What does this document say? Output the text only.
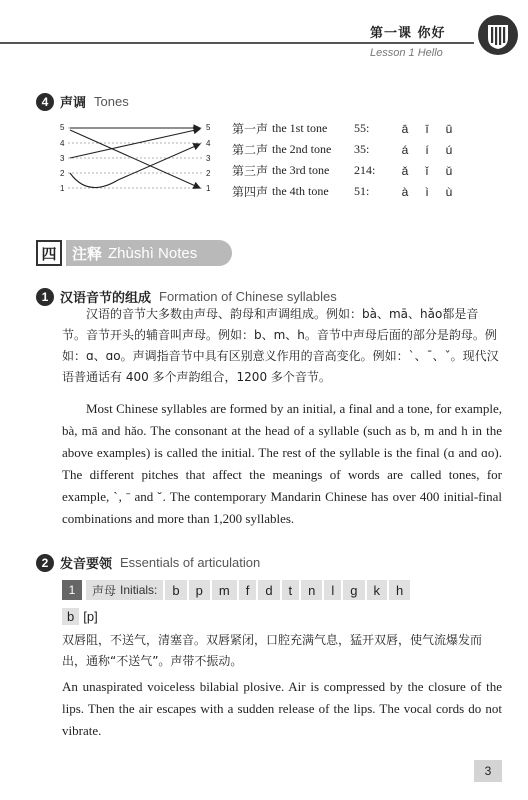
第一课 你好
Lesson 1 Hello
4 声调 Tones
5
4
3
2
1
5
4
3
2
1
第一声 the 1st tone	55:	ā	ī	ū
第二声 the 2nd tone	35:	á	í	ú
第三声 the 3rd tone	214:	ǎ	ǐ	ǔ
第四声 the 4th tone	51:	à	ì	ù
四	注释 Zhùshì Notes
1 汉语音节的组成 Formation of Chinese syllables

汉语的音节大多数由声母、韵母和声调组成。例如：bà、mā、hǎo都是音节。音节开头的辅音叫声母。例如：b、m、h。音节中声母后面的部分是韵母。例如：ɑ、ɑo。声调指音节中具有区别意义作用的音高变化。例如：ˋ、ˉ、ˇ。现代汉语普通话有 400 多个声韵组合，1200 多个音节。

Most Chinese syllables are formed by an initial, a final and a tone, for example, bà, mā and hǎo. The consonant at the head of a syllable (such as b, m and h in the above examples) is called the initial. The rest of the syllable is the final (ɑ and ɑo). The different pitches that affect the meanings of words are called tones, for example, ˋ, ˉ and ˇ. The contemporary Mandarin Chinese has over 400 initial-final combinations and more than 1,200 syllables.

2 发音要领 Essentials of articulation
1	声母 Initials:	b	p	m	f	d	t	n	l	g	k	h
b [p]

双唇阻，不送气，清塞音。双唇紧闭，口腔充满气息，猛开双唇，使气流爆发而出，通称“不送气”。声带不振动。

An unaspirated voiceless bilabial plosive. Air is compressed by the closure of the lips. Then the air escapes with a sudden release of the lips. The vocal cords do not vibrate.

3
